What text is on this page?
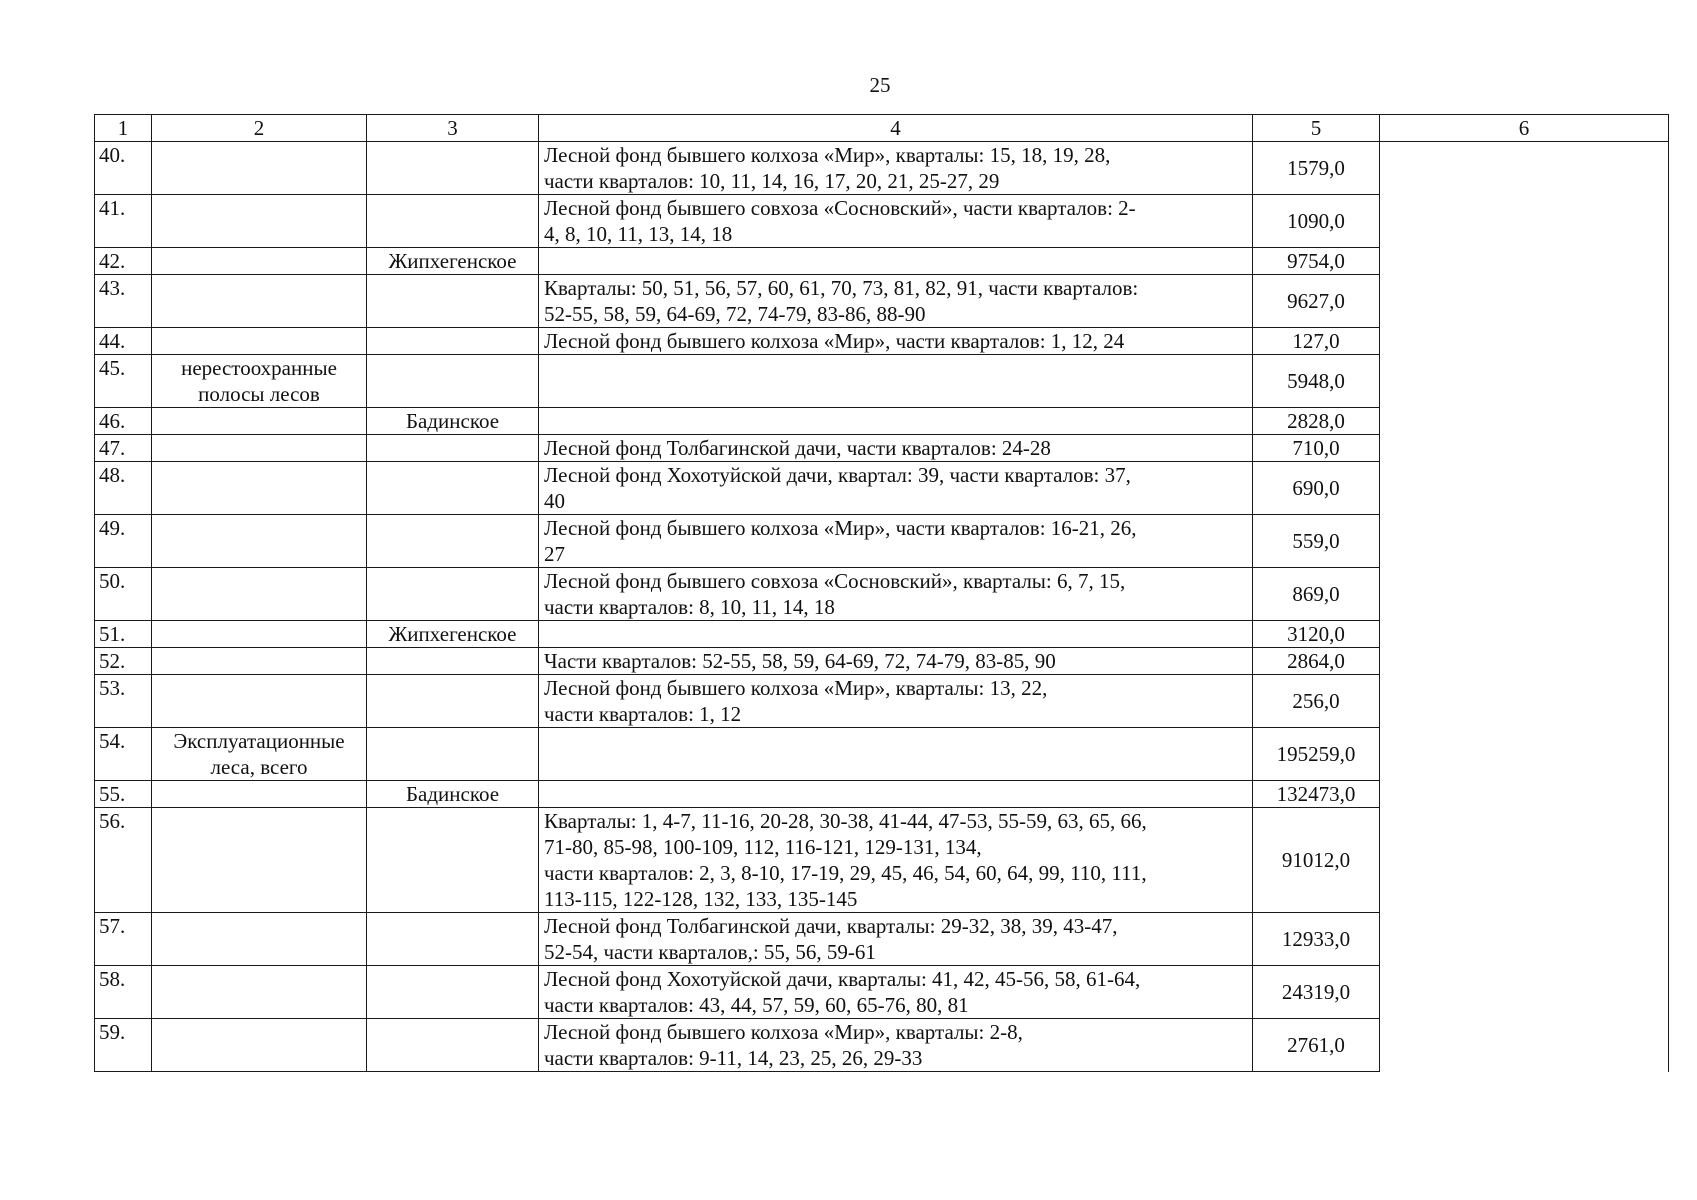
25
1	2	3	4	5	6
40.			Лесной фонд бывшего колхоза «Мир», кварталы: 15, 18, 19, 28,
части кварталов: 10, 11, 14, 16, 17, 20, 21, 25-27, 29	1579,0	
41.			Лесной фонд бывшего совхоза «Сосновский», части кварталов: 2-
4, 8, 10, 11, 13, 14, 18	1090,0	
42.		Жипхегенское		9754,0	
43.			Кварталы: 50, 51, 56, 57, 60, 61, 70, 73, 81, 82, 91, части кварталов:
52-55, 58, 59, 64-69, 72, 74-79, 83-86, 88-90	9627,0	
44.			Лесной фонд бывшего колхоза «Мир», части кварталов: 1, 12, 24	127,0	
45.	нерестоохранные полосы лесов			5948,0	
46.		Бадинское		2828,0	
47.			Лесной фонд Толбагинской дачи, части кварталов: 24-28	710,0	
48.			Лесной фонд Хохотуйской дачи, квартал: 39, части кварталов: 37,
40	690,0	
49.			Лесной фонд бывшего колхоза «Мир», части кварталов: 16-21, 26,
27	559,0	
50.			Лесной фонд бывшего совхоза «Сосновский», кварталы: 6, 7, 15,
части кварталов: 8, 10, 11, 14, 18	869,0	
51.		Жипхегенское		3120,0	
52.			Части кварталов: 52-55, 58, 59, 64-69, 72, 74-79, 83-85, 90	2864,0	
53.			Лесной фонд бывшего колхоза «Мир», кварталы: 13, 22,
части кварталов: 1, 12	256,0	
54.	Эксплуатационные леса, всего			195259,0	
55.		Бадинское		132473,0	
56.			Кварталы: 1, 4-7, 11-16, 20-28, 30-38, 41-44, 47-53, 55-59, 63, 65, 66,
71-80, 85-98, 100-109, 112, 116-121, 129-131, 134,
части кварталов: 2, 3, 8-10, 17-19, 29, 45, 46, 54, 60, 64, 99, 110, 111,
113-115, 122-128, 132, 133, 135-145	91012,0	
57.			Лесной фонд Толбагинской дачи, кварталы: 29-32, 38, 39, 43-47,
52-54, части кварталов,: 55, 56, 59-61	12933,0	
58.			Лесной фонд Хохотуйской дачи, кварталы: 41, 42, 45-56, 58, 61-64,
части кварталов: 43, 44, 57, 59, 60, 65-76, 80, 81	24319,0	
59.			Лесной фонд бывшего колхоза «Мир», кварталы: 2-8,
части кварталов: 9-11, 14, 23, 25, 26, 29-33	2761,0	
